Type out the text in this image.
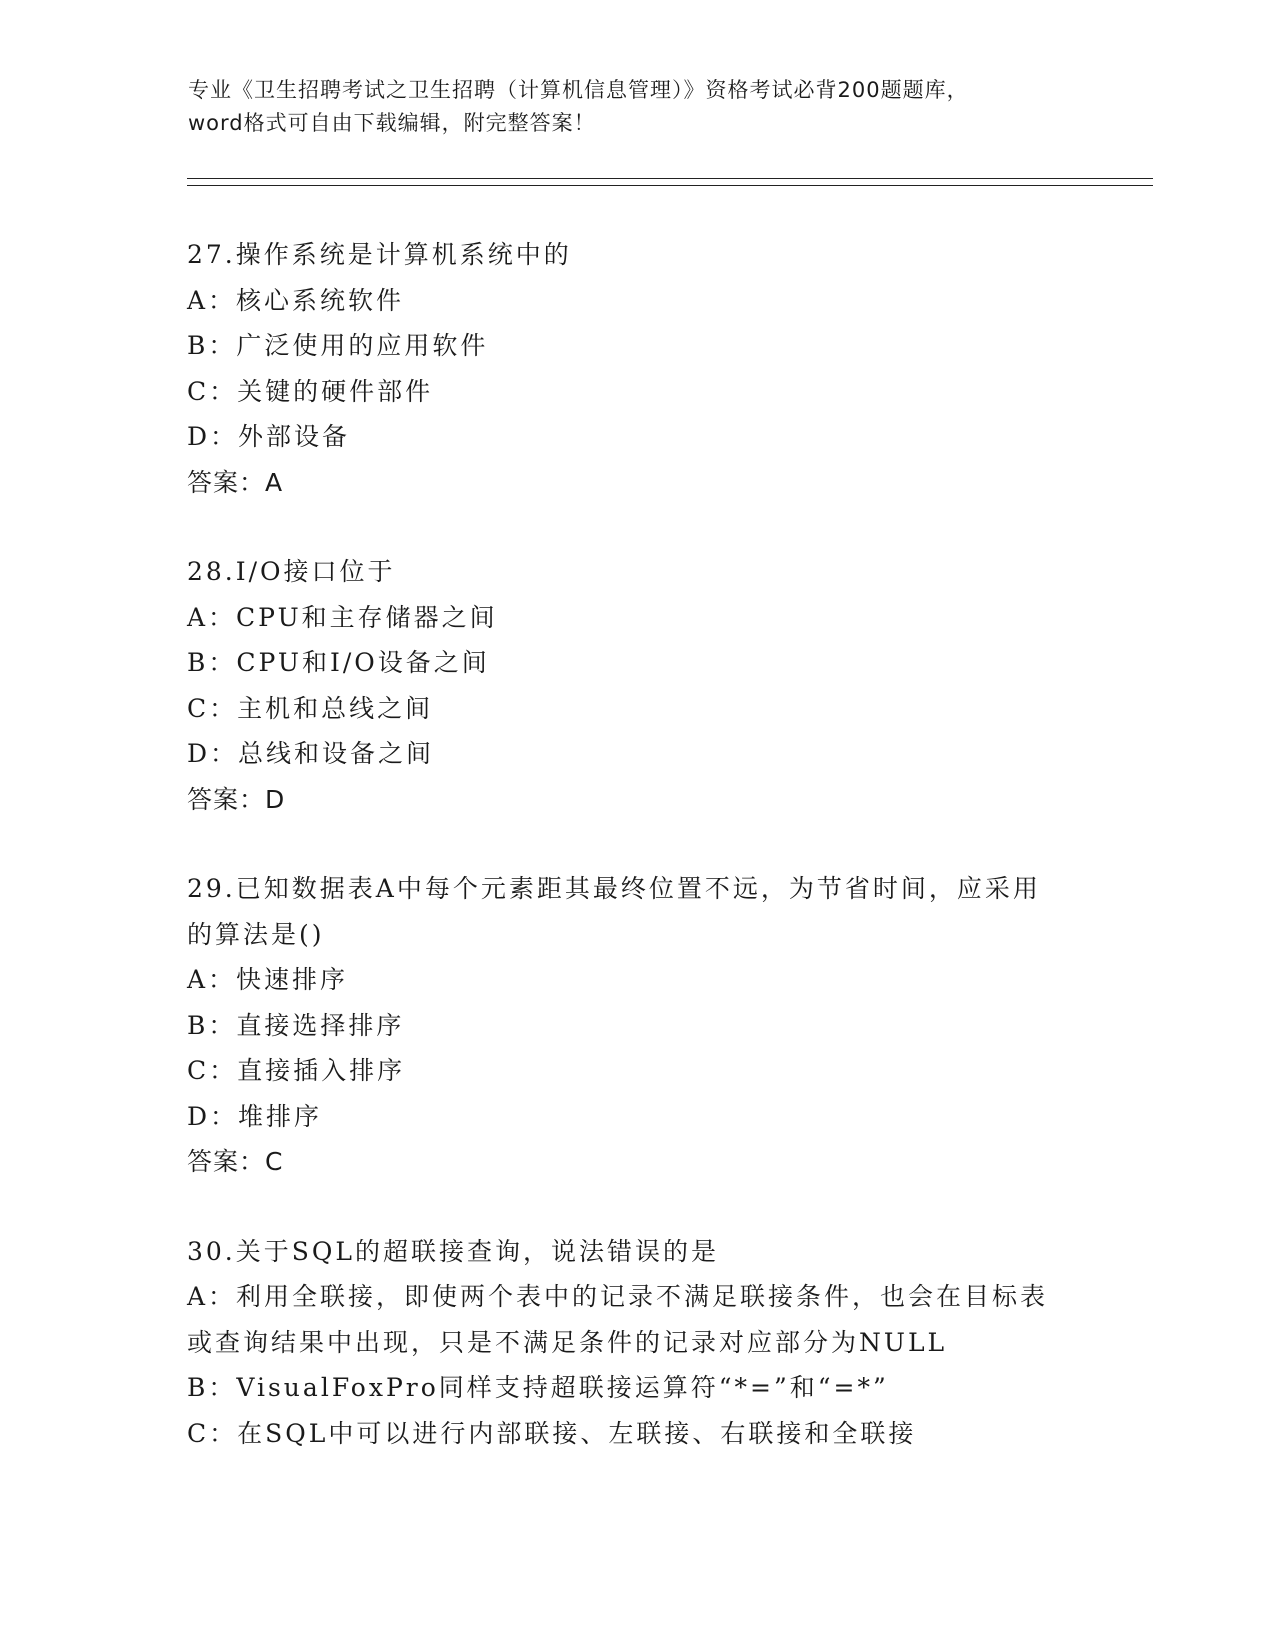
专业《卫生招聘考试之卫生招聘（计算机信息管理）》资格考试必背200题题库，
word格式可自由下载编辑，附完整答案！
27.操作系统是计算机系统中的
A：核心系统软件
B：广泛使用的应用软件
C：关键的硬件部件
D：外部设备
答案：A
28.I/O接口位于
A：CPU和主存储器之间
B：CPU和I/O设备之间
C：主机和总线之间
D：总线和设备之间
答案：D
29.已知数据表A中每个元素距其最终位置不远，为节省时间，应采用
的算法是()
A：快速排序
B：直接选择排序
C：直接插入排序
D：堆排序
答案：C
30.关于SQL的超联接查询，说法错误的是
A：利用全联接，即使两个表中的记录不满足联接条件，也会在目标表
或查询结果中出现，只是不满足条件的记录对应部分为NULL
B：VisualFoxPro同样支持超联接运算符“*=”和“=*”
C：在SQL中可以进行内部联接、左联接、右联接和全联接
